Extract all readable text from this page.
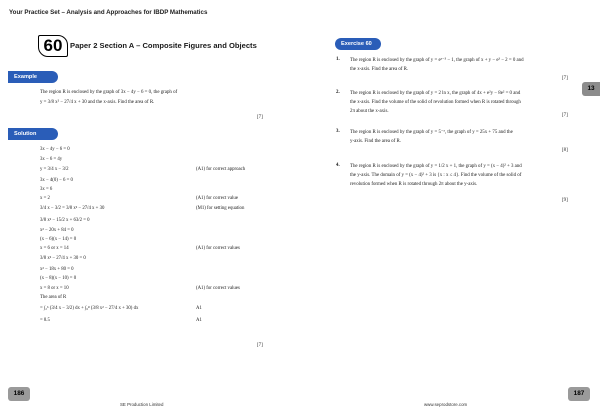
Your Practice Set – Analysis and Approaches for IBDP Mathematics
60 Paper 2 Section A – Composite Figures and Objects
Example
The region R is enclosed by the graph of 3x − 4y − 6 = 0, the graph of
y = 3/8 x² − 27/4 x + 30 and the x-axis. Find the area of R.
[7]
Solution
3x − 4y − 6 = 0
3x − 6 = 4y
y = 3/4 x − 3/2	(A1) for correct approach
3x − 4(0) − 6 = 0
3x = 6
x = 2	(A1) for correct value
3/4 x − 3/2 = 3/8 x² − 27/4 x + 30	(M1) for setting equation
3/8 x² − 15/2 x + 63/2 = 0
x² − 20x + 84 = 0
(x − 6)(x − 14) = 0
x = 6 or x = 14	(A1) for correct values
3/8 x² − 27/4 x + 30 = 0
x² − 18x + 80 = 0
(x − 8)(x − 10) = 0
x = 8 or x = 10	(A1) for correct values
The area of R
= ∫₂⁶ (3/4 x − 3/2) dx + ∫₆⁸ (3/8 x² − 27/4 x + 30) dx	A1
= 8.5	A1
[7]
186
SE Production Limited
Exercise 60
1. The region R is enclosed by the graph of y = eˣ⁻³ − 1, the graph of x + y − e³ − 2 = 0 and
the x-axis. Find the area of R.
[7]
2. The region R is enclosed by the graph of y = 2 ln x, the graph of 4x + e²y − 8e² = 0 and
the x-axis. Find the volume of the solid of revolution formed when R is rotated through
2π about the x-axis.
[7]
3. The region R is enclosed by the graph of y = 5⁻ˣ, the graph of y = 25x + 75 and the
y-axis. Find the area of R.
[8]
4. The region R is enclosed by the graph of y = 1/2 x + 1, the graph of y = (x − 4)² + 3 and
the y-axis. The domain of y = (x − 4)² + 3 is {x : x ≤ 4}. Find the volume of the solid of
revolution formed when R is rotated through 2π about the y-axis.
[9]
187
www.seprodstore.com
13
